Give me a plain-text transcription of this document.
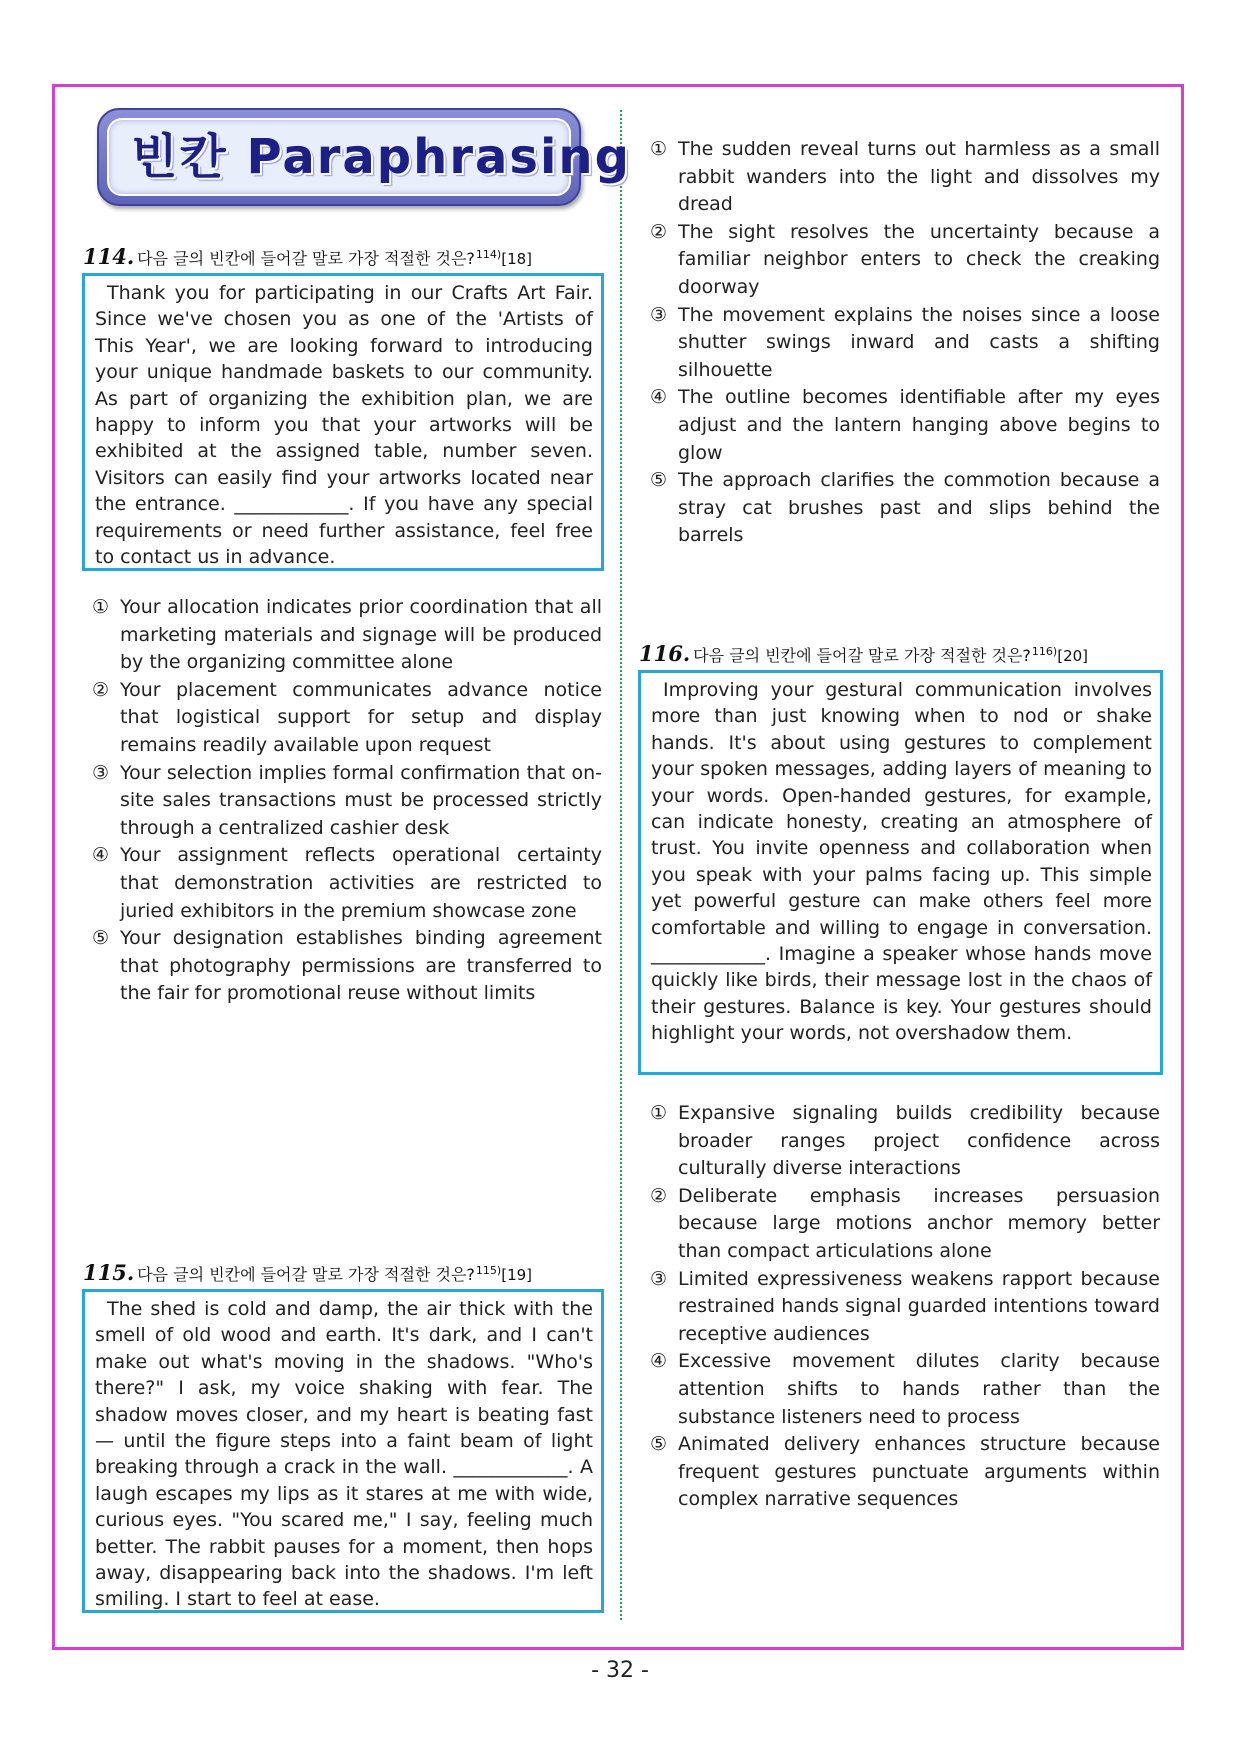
빈칸 Paraphrasing
114. 다음 글의 빈칸에 들어갈 말로 가장 적절한 것은?$^{114)}$[18]

Thank you for participating in our Crafts Art Fair. Since we've chosen you as one of the 'Artists of This Year', we are looking forward to introducing your unique handmade baskets to our community. As part of organizing the exhibition plan, we are happy to inform you that your artworks will be exhibited at the assigned table, number seven. Visitors can easily find your artworks located near the entrance. ____________. If you have any special requirements or need further assistance, feel free to contact us in advance.

① Your allocation indicates prior coordination that all marketing materials and signage will be produced by the organizing committee alone
② Your placement communicates advance notice that logistical support for setup and display remains readily available upon request
③ Your selection implies formal confirmation that on-site sales transactions must be processed strictly through a centralized cashier desk
④ Your assignment reflects operational certainty that demonstration activities are restricted to juried exhibitors in the premium showcase zone
⑤ Your designation establishes binding agreement that photography permissions are transferred to the fair for promotional reuse without limits
115. 다음 글의 빈칸에 들어갈 말로 가장 적절한 것은?$^{115)}$[19]

The shed is cold and damp, the air thick with the smell of old wood and earth. It's dark, and I can't make out what's moving in the shadows. "Who's there?" I ask, my voice shaking with fear. The shadow moves closer, and my heart is beating fast — until the figure steps into a faint beam of light breaking through a crack in the wall. ____________. A laugh escapes my lips as it stares at me with wide, curious eyes. "You scared me," I say, feeling much better. The rabbit pauses for a moment, then hops away, disappearing back into the shadows. I'm left smiling. I start to feel at ease.

① The sudden reveal turns out harmless as a small rabbit wanders into the light and dissolves my dread
② The sight resolves the uncertainty because a familiar neighbor enters to check the creaking doorway
③ The movement explains the noises since a loose shutter swings inward and casts a shifting silhouette
④ The outline becomes identifiable after my eyes adjust and the lantern hanging above begins to glow
⑤ The approach clarifies the commotion because a stray cat brushes past and slips behind the barrels
116. 다음 글의 빈칸에 들어갈 말로 가장 적절한 것은?$^{116)}$[20]

Improving your gestural communication involves more than just knowing when to nod or shake hands. It's about using gestures to complement your spoken messages, adding layers of meaning to your words. Open-handed gestures, for example, can indicate honesty, creating an atmosphere of trust. You invite openness and collaboration when you speak with your palms facing up. This simple yet powerful gesture can make others feel more comfortable and willing to engage in conversation. ____________. Imagine a speaker whose hands move quickly like birds, their message lost in the chaos of their gestures. Balance is key. Your gestures should highlight your words, not overshadow them.

① Expansive signaling builds credibility because broader ranges project confidence across culturally diverse interactions
② Deliberate emphasis increases persuasion because large motions anchor memory better than compact articulations alone
③ Limited expressiveness weakens rapport because restrained hands signal guarded intentions toward receptive audiences
④ Excessive movement dilutes clarity because attention shifts to hands rather than the substance listeners need to process
⑤ Animated delivery enhances structure because frequent gestures punctuate arguments within complex narrative sequences
- 32 -
